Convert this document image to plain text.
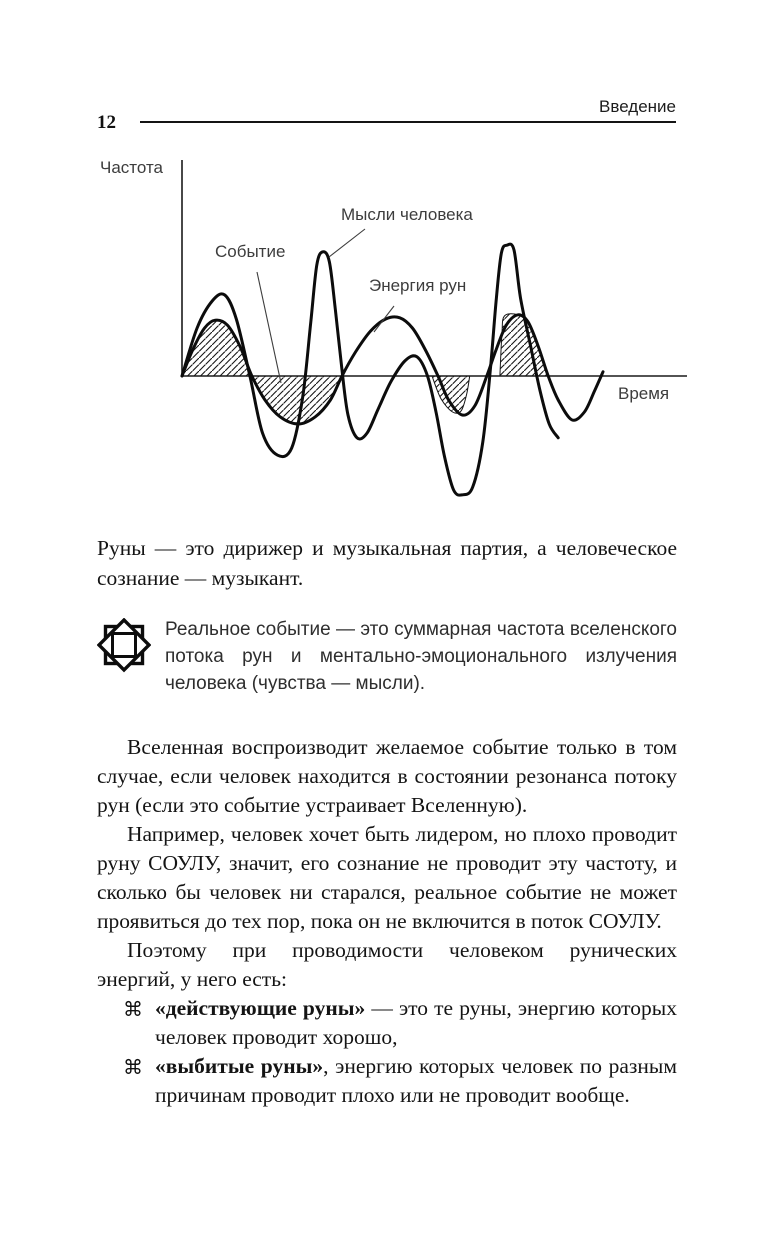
Введение
12
Частота
Время
Мысли человека
Событие
Энергия рун
Руны — это дирижер и музыкальная партия, а человеческое сознание — музыкант.
Реальное событие — это суммарная частота вселенского потока рун и ментально-эмоционального излучения человека (чувства — мысли).

Вселенная воспроизводит желаемое событие только в том случае, если человек находится в состоянии резонанса потоку рун (если это событие устраивает Вселенную).

Например, человек хочет быть лидером, но плохо проводит руну СОУЛУ, значит, его сознание не проводит эту частоту, и сколько бы человек ни старался, реальное событие не может проявиться до тех пор, пока он не включится в поток СОУЛУ.

Поэтому при проводимости человеком рунических энергий, у него есть:

⌘ «действующие руны» — это те руны, энергию которых человек проводит хорошо,
⌘ «выбитые руны», энергию которых человек по разным причинам проводит плохо или не проводит вообще.
